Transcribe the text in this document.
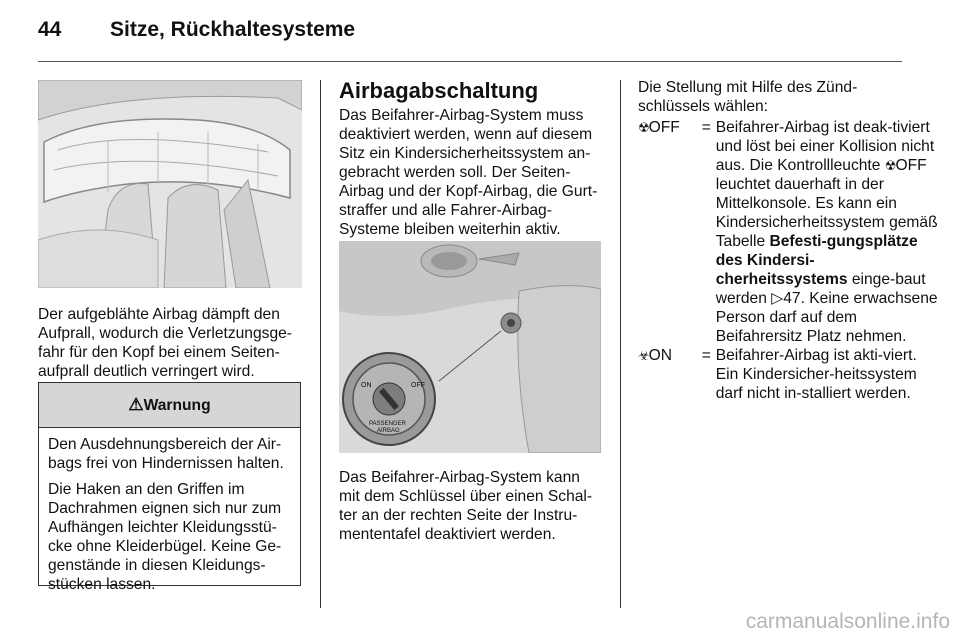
44 Sitze, Rückhaltesysteme

Der aufgeblähte Airbag dämpft den Aufprall, wodurch die Verletzungsge-fahr für den Kopf bei einem Seiten-aufprall deutlich verringert wird.

⚠Warnung

Den Ausdehnungsbereich der Air-bags frei von Hindernissen halten.

Die Haken an den Griffen im Dachrahmen eignen sich nur zum Aufhängen leichter Kleidungsstü-cke ohne Kleiderbügel. Keine Ge-genstände in diesen Kleidungs-stücken lassen.

Airbagabschaltung

Das Beifahrer-Airbag-System muss deaktiviert werden, wenn auf diesem Sitz ein Kindersicherheitssystem an-gebracht werden soll. Der Seiten-Airbag und der Kopf-Airbag, die Gurt-straffer und alle Fahrer-Airbag-Systeme bleiben weiterhin aktiv.

ON	OFF
PASSENGER
AIRBAG

Das Beifahrer-Airbag-System kann mit dem Schlüssel über einen Schal-ter an der rechten Seite der Instru-mententafel deaktiviert werden.

Die Stellung mit Hilfe des Zünd-schlüssels wählen:

☢OFF	= Beifahrer-Airbag ist deak-tiviert und löst bei einer Kollision nicht aus. Die Kontrollleuchte ☢OFF leuchtet dauerhaft in der Mittelkonsole. Es kann ein Kindersicherheitssystem gemäß Tabelle Befesti-gungsplätze des Kindersi-cherheitssystems einge-baut werden ▷47. Keine erwachsene Person darf auf dem Beifahrersitz Platz nehmen.
☣ON	= Beifahrer-Airbag ist akti-viert. Ein Kindersicher-heitssystem darf nicht in-stalliert werden.
carmanualsonline.info
